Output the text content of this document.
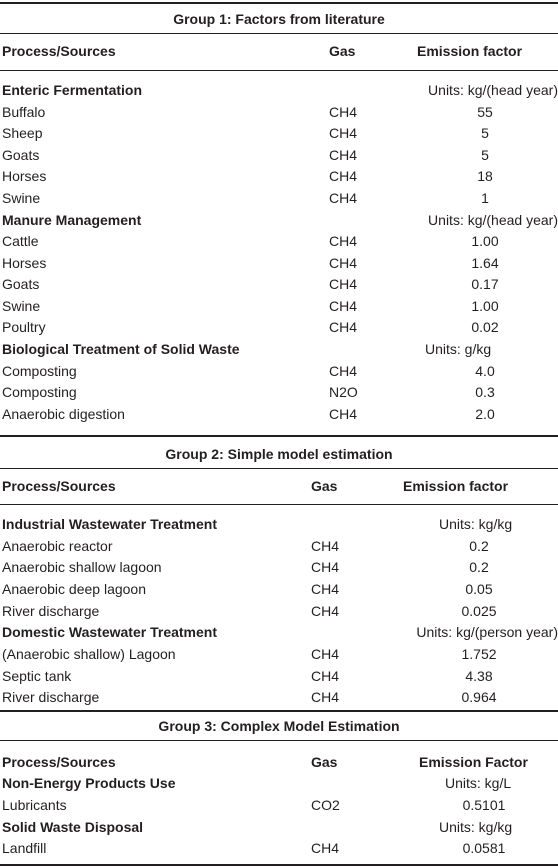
Group 1: Factors from literature
Process/Sources	Gas	Emission factor
Enteric Fermentation	Units: kg/(head year)
Buffalo	CH4	55
Sheep	CH4	5
Goats	CH4	5
Horses	CH4	18
Swine	CH4	1
Manure Management	Units: kg/(head year)
Cattle	CH4	1.00
Horses	CH4	1.64
Goats	CH4	0.17
Swine	CH4	1.00
Poultry	CH4	0.02
Biological Treatment of Solid Waste	Units: g/kg
Composting	CH4	4.0
Composting	N2O	0.3
Anaerobic digestion	CH4	2.0
Group 2: Simple model estimation
Process/Sources	Gas	Emission factor
Industrial Wastewater Treatment	Units: kg/kg
Anaerobic reactor	CH4	0.2
Anaerobic shallow lagoon	CH4	0.2
Anaerobic deep lagoon	CH4	0.05
River discharge	CH4	0.025
Domestic Wastewater Treatment	Units: kg/(person year)
(Anaerobic shallow) Lagoon	CH4	1.752
Septic tank	CH4	4.38
River discharge	CH4	0.964
Group 3: Complex Model Estimation
Process/Sources	Gas	Emission Factor
Non-Energy Products Use	Units: kg/L
Lubricants	CO2	0.5101
Solid Waste Disposal	Units: kg/kg
Landfill	CH4	0.0581
